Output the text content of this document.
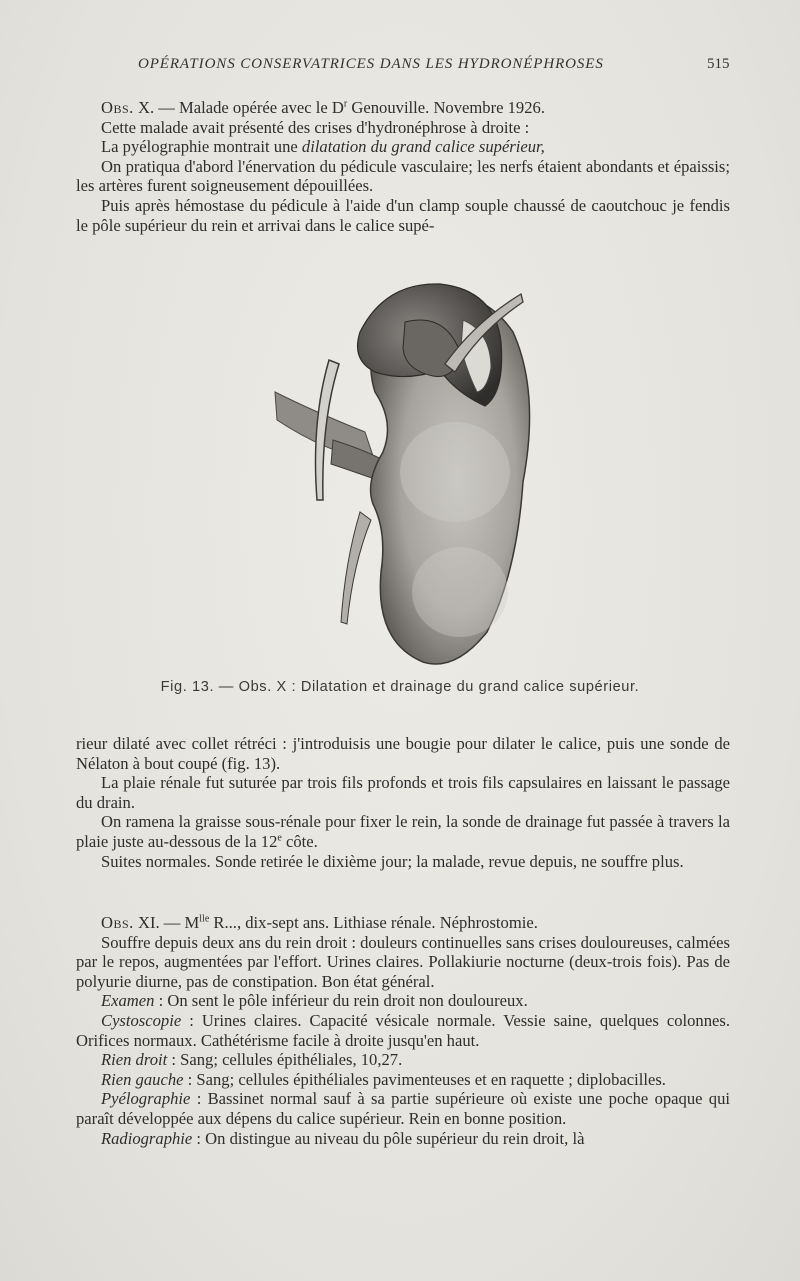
OPÉRATIONS CONSERVATRICES DANS LES HYDRONÉPHROSES	515

Obs. X. — Malade opérée avec le $D^r$ Genouville. Novembre 1926.

Cette malade avait présenté des crises d'hydronéphrose à droite :

La pyélographie montrait une dilatation du grand calice supérieur,

On pratiqua d'abord l'énervation du pédicule vasculaire; les nerfs étaient abondants et épaissis; les artères furent soigneusement dépouillées.

Puis après hémostase du pédicule à l'aide d'un clamp souple chaussé de caoutchouc je fendis le pôle supérieur du rein et arrivai dans le calice supé-

Fig. 13. — Obs. X : Dilatation et drainage du grand calice supérieur.

rieur dilaté avec collet rétréci : j'introduisis une bougie pour dilater le calice, puis une sonde de Nélaton à bout coupé (fig. 13).

La plaie rénale fut suturée par trois fils profonds et trois fils capsulaires en laissant le passage du drain.

On ramena la graisse sous-rénale pour fixer le rein, la sonde de drainage fut passée à travers la plaie juste au-dessous de la 12e côte.

Suites normales. Sonde retirée le dixième jour; la malade, revue depuis, ne souffre plus.

Obs. XI. — $M^{lle}$ R..., dix-sept ans. Lithiase rénale. Néphrostomie.

Souffre depuis deux ans du rein droit : douleurs continuelles sans crises douloureuses, calmées par le repos, augmentées par l'effort. Urines claires. Pollakiurie nocturne (deux-trois fois). Pas de polyurie diurne, pas de constipation. Bon état général.

Examen : On sent le pôle inférieur du rein droit non douloureux.

Cystoscopie : Urines claires. Capacité vésicale normale. Vessie saine, quelques colonnes. Orifices normaux. Cathétérisme facile à droite jusqu'en haut.

Rien droit : Sang; cellules épithéliales, 10,27.

Rien gauche : Sang; cellules épithéliales pavimenteuses et en raquette ; diplobacilles.

Pyélographie : Bassinet normal sauf à sa partie supérieure où existe une poche opaque qui paraît développée aux dépens du calice supérieur. Rein en bonne position.

Radiographie : On distingue au niveau du pôle supérieur du rein droit, là
